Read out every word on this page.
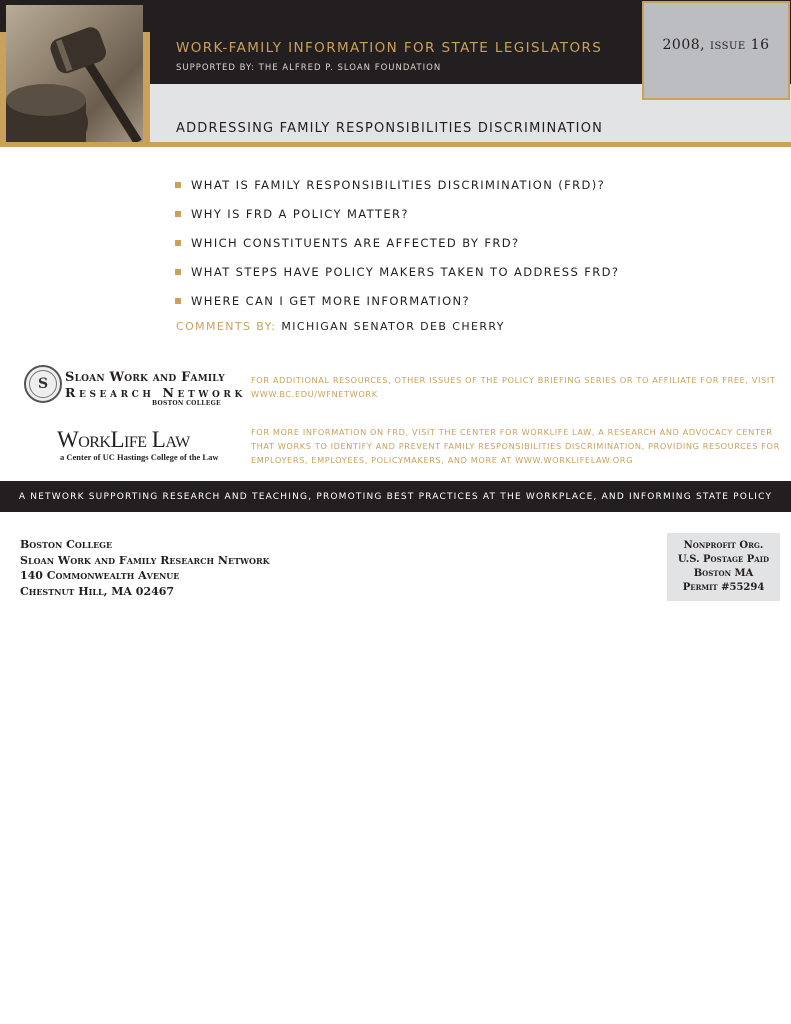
WORK-FAMILY INFORMATION FOR STATE LEGISLATORS
SUPPORTED BY: THE ALFRED P. SLOAN FOUNDATION
2008, issue 16
ADDRESSING FAMILY RESPONSIBILITIES DISCRIMINATION
WHAT IS FAMILY RESPONSIBILITIES DISCRIMINATION (FRD)?
WHY IS FRD A POLICY MATTER?
WHICH CONSTITUENTS ARE AFFECTED BY FRD?
WHAT STEPS HAVE POLICY MAKERS TAKEN TO ADDRESS FRD?
WHERE CAN I GET MORE INFORMATION?
COMMENTS BY: MICHIGAN SENATOR DEB CHERRY
S	Sloan Work and Family
Research Network
BOSTON COLLEGE
FOR ADDITIONAL RESOURCES, OTHER ISSUES OF THE POLICY BRIEFING SERIES OR TO AFFILIATE FOR FREE, VISIT WWW.BC.EDU/WFNETWORK
WorkLife Law
a Center of UC Hastings College of the Law
FOR MORE INFORMATION ON FRD, VISIT THE CENTER FOR WORKLIFE LAW, A RESEARCH AND ADVOCACY CENTER THAT WORKS TO IDENTIFY AND PREVENT FAMILY RESPONSIBILITIES DISCRIMINATION, PROVIDING RESOURCES FOR EMPLOYERS, EMPLOYEES, POLICYMAKERS, AND MORE AT WWW.WORKLIFELAW.ORG
A NETWORK SUPPORTING RESEARCH AND TEACHING, PROMOTING BEST PRACTICES AT THE WORKPLACE, AND INFORMING STATE POLICY
Boston College
Sloan Work and Family Research Network
140 Commonwealth Avenue
Chestnut Hill, MA 02467
Nonprofit Org.
U.S. Postage Paid
Boston MA
Permit #55294
